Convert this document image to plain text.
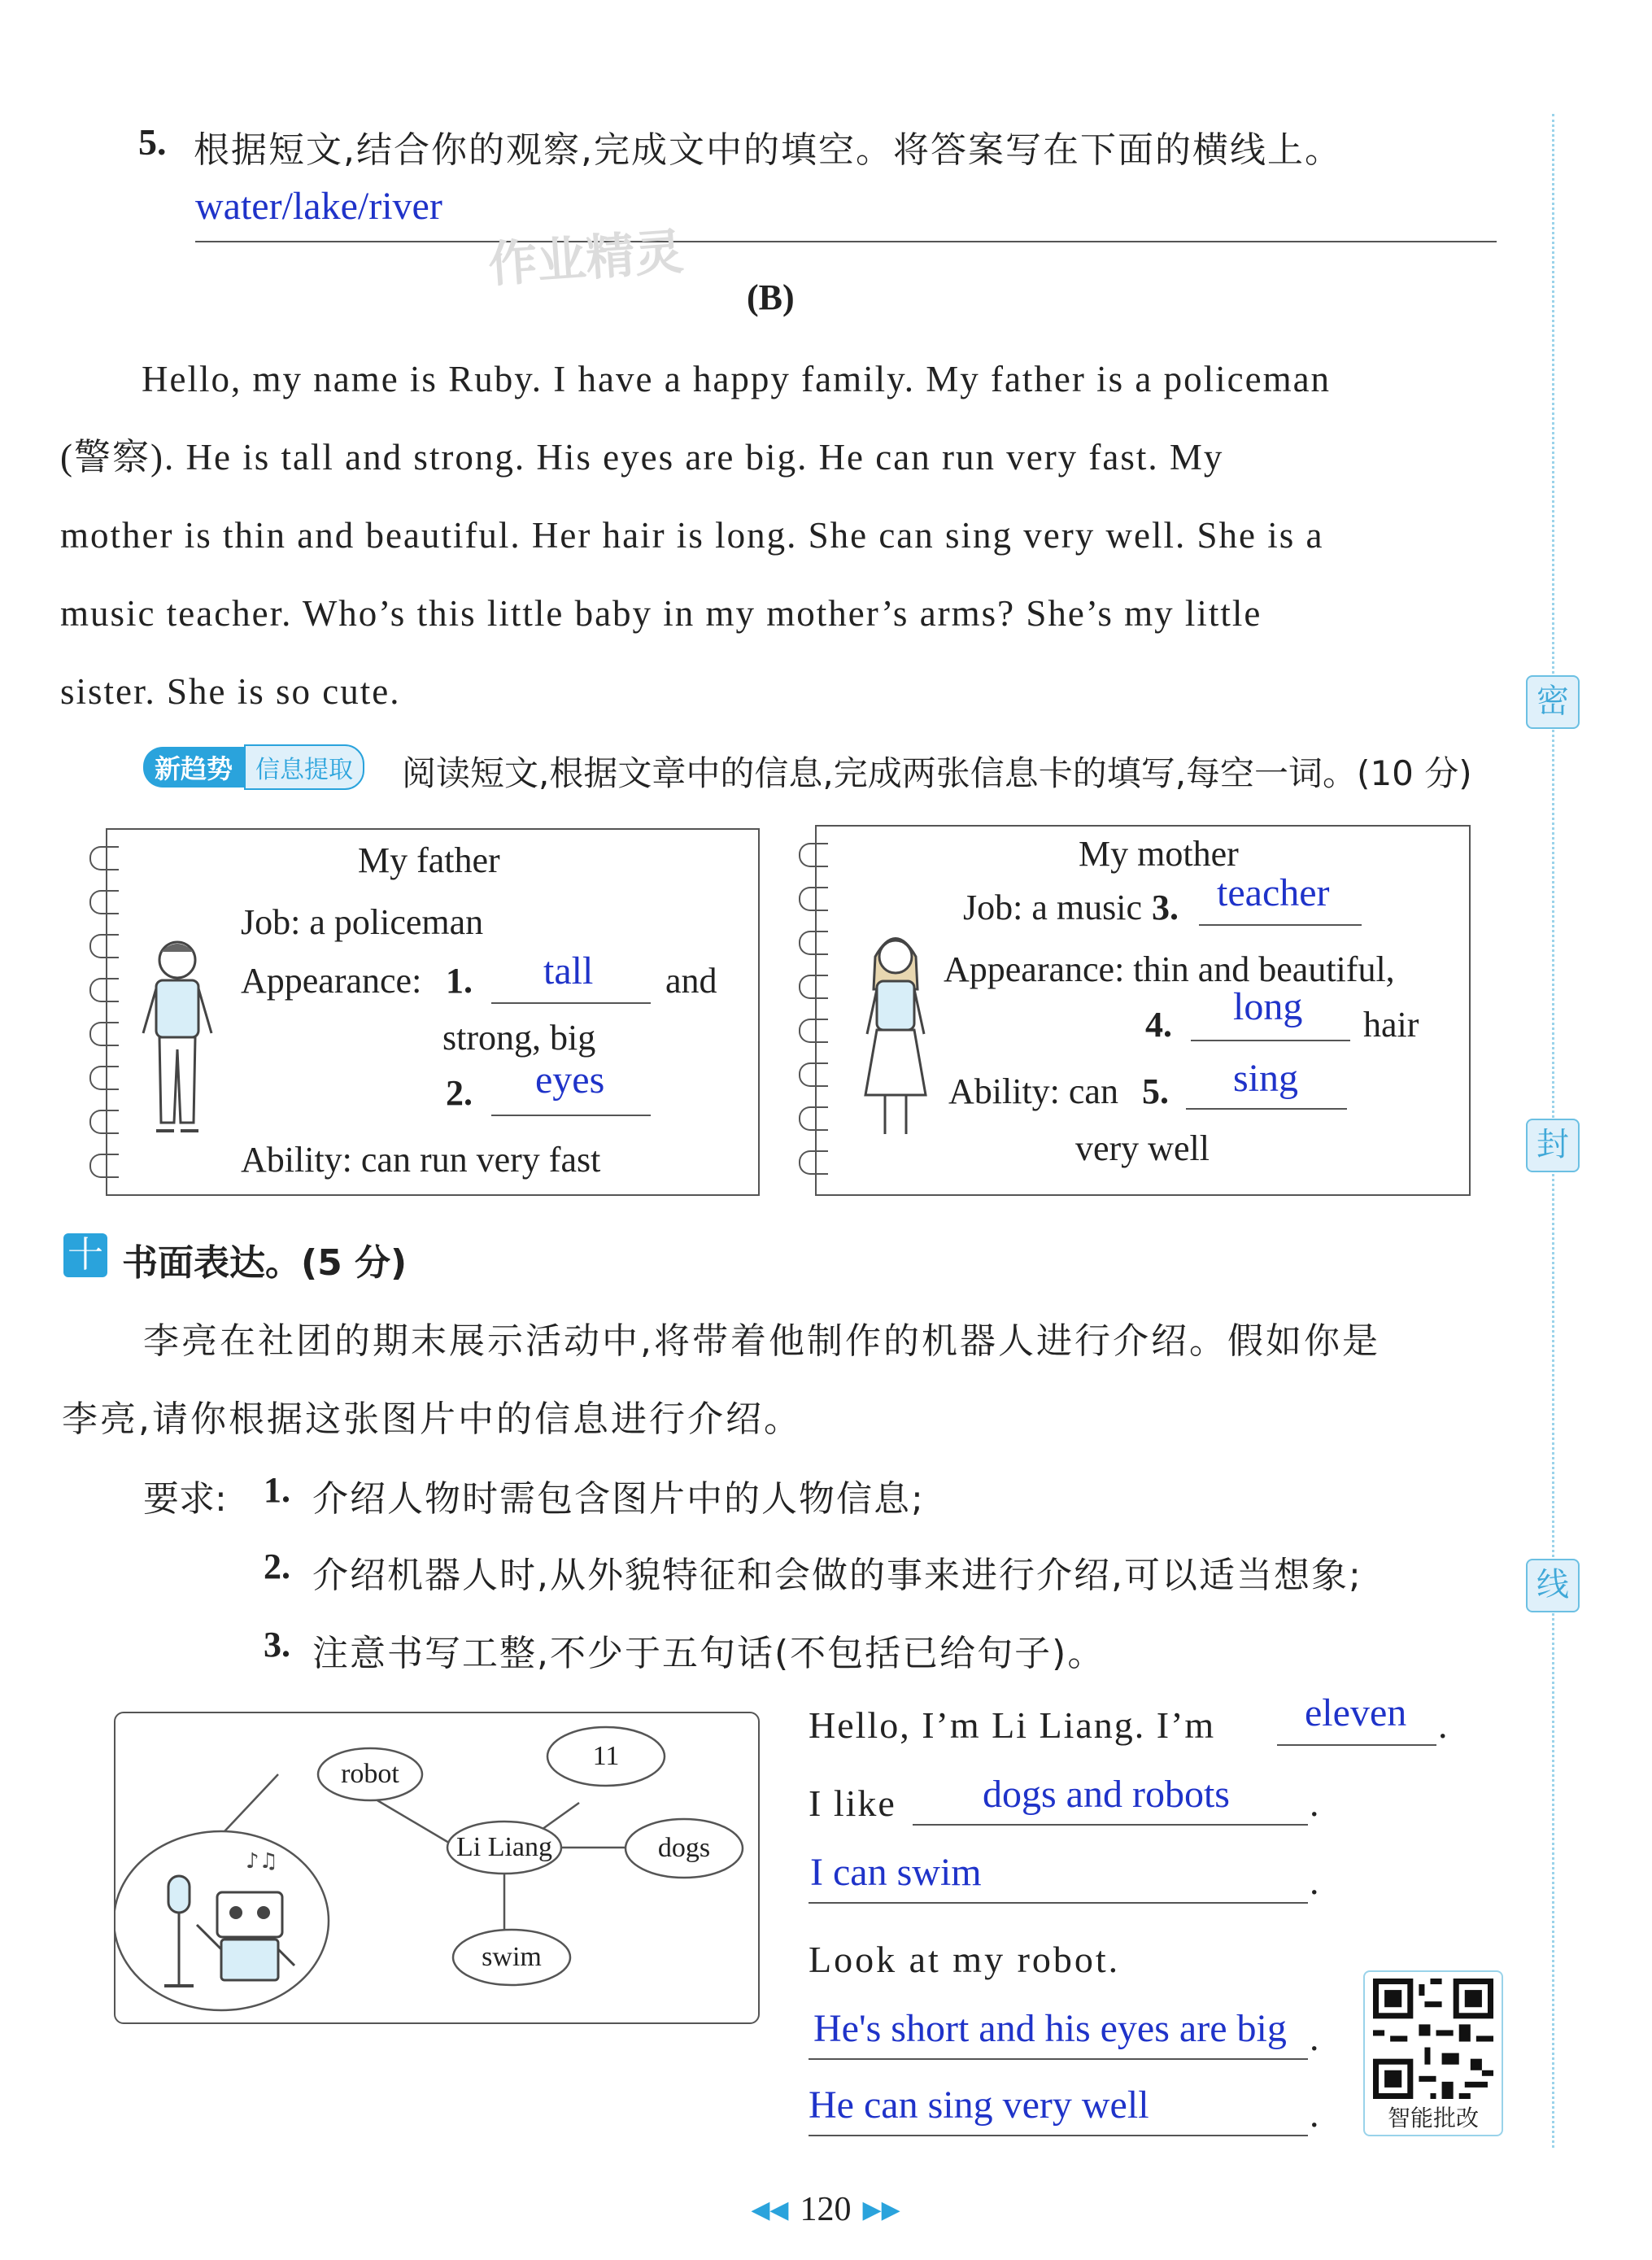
密
封
线
5. 根据短文,结合你的观察,完成文中的填空。将答案写在下面的横线上。
water/lake/river
作业精灵
(B)
Hello, my name is Ruby. I have a happy family. My father is a policeman
(警察). He is tall and strong. His eyes are big. He can run very fast. My
mother is thin and beautiful. Her hair is long. She can sing very well. She is a
music teacher. Who’s this little baby in my mother’s arms? She’s my little
sister. She is so cute.
新趋势 信息提取	阅读短文,根据文章中的信息,完成两张信息卡的填写,每空一词。(10 分)
My father
Job: a policeman
Appearance: 1. tall and
strong, big
2. eyes
Ability: can run very fast
My mother
Job: a music 3. teacher
Appearance: thin and beautiful,
4. long hair
Ability: can 5. sing
very well
十 书面表达。(5 分)
李亮在社团的期末展示活动中,将带着他制作的机器人进行介绍。假如你是
李亮,请你根据这张图片中的信息进行介绍。
要求: 1. 介绍人物时需包含图片中的人物信息;
2. 介绍机器人时,从外貌特征和会做的事来进行介绍,可以适当想象;
3. 注意书写工整,不少于五句话(不包括已给句子)。
♪♫
robot
11
Li Liang	dogs
swim
Hello, I’m Li Liang. I’m eleven .
I like dogs and robots .
I can swim	.
Look at my robot.
He's short and his eyes are big .
He can sing very well	.	智能批改
◀◀ 120 ▶▶
